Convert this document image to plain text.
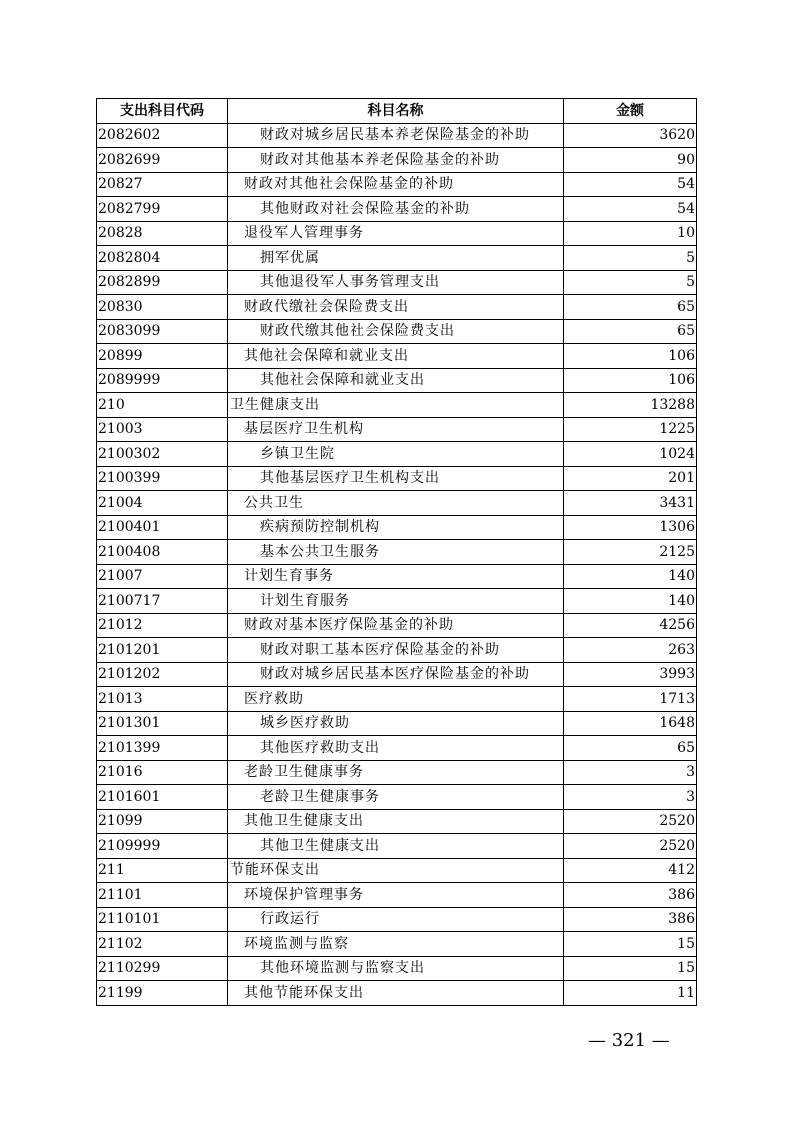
支出科目代码	科目名称	金额
2082602	财政对城乡居民基本养老保险基金的补助	3620
2082699	财政对其他基本养老保险基金的补助	90
20827	财政对其他社会保险基金的补助	54
2082799	其他财政对社会保险基金的补助	54
20828	退役军人管理事务	10
2082804	拥军优属	5
2082899	其他退役军人事务管理支出	5
20830	财政代缴社会保险费支出	65
2083099	财政代缴其他社会保险费支出	65
20899	其他社会保障和就业支出	106
2089999	其他社会保障和就业支出	106
210	卫生健康支出	13288
21003	基层医疗卫生机构	1225
2100302	乡镇卫生院	1024
2100399	其他基层医疗卫生机构支出	201
21004	公共卫生	3431
2100401	疾病预防控制机构	1306
2100408	基本公共卫生服务	2125
21007	计划生育事务	140
2100717	计划生育服务	140
21012	财政对基本医疗保险基金的补助	4256
2101201	财政对职工基本医疗保险基金的补助	263
2101202	财政对城乡居民基本医疗保险基金的补助	3993
21013	医疗救助	1713
2101301	城乡医疗救助	1648
2101399	其他医疗救助支出	65
21016	老龄卫生健康事务	3
2101601	老龄卫生健康事务	3
21099	其他卫生健康支出	2520
2109999	其他卫生健康支出	2520
211	节能环保支出	412
21101	环境保护管理事务	386
2110101	行政运行	386
21102	环境监测与监察	15
2110299	其他环境监测与监察支出	15
21199	其他节能环保支出	11
— 321 —
